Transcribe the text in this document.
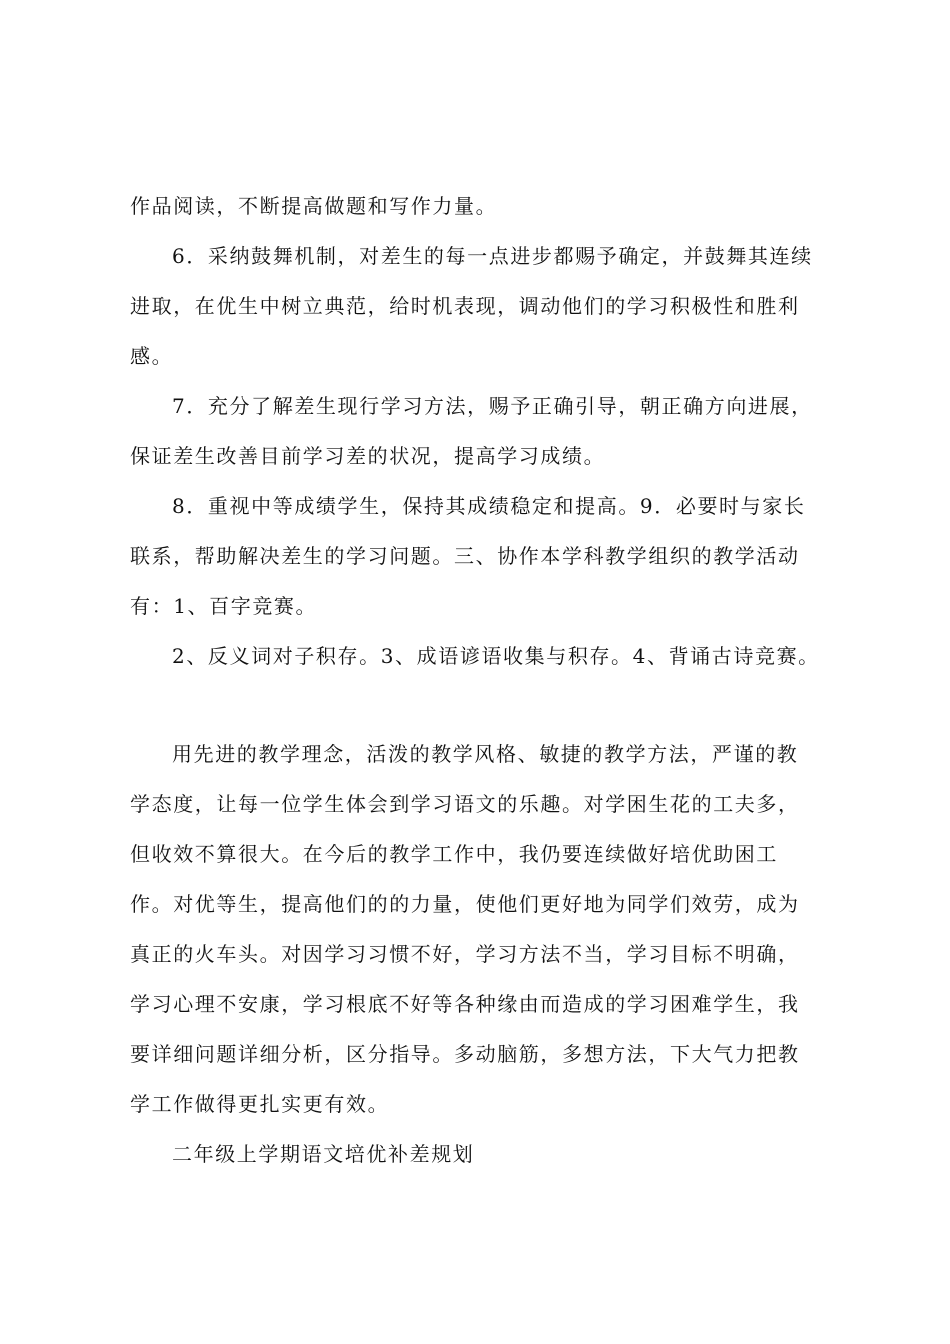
作品阅读，不断提高做题和写作力量。
6．采纳鼓舞机制，对差生的每一点进步都赐予确定，并鼓舞其连续
进取，在优生中树立典范，给时机表现，调动他们的学习积极性和胜利
感。
7．充分了解差生现行学习方法，赐予正确引导，朝正确方向进展，
保证差生改善目前学习差的状况，提高学习成绩。
8．重视中等成绩学生，保持其成绩稳定和提高。9．必要时与家长
联系，帮助解决差生的学习问题。三、协作本学科教学组织的教学活动
有：1、百字竞赛。
2、反义词对子积存。3、成语谚语收集与积存。4、背诵古诗竞赛。
用先进的教学理念，活泼的教学风格、敏捷的教学方法，严谨的教
学态度，让每一位学生体会到学习语文的乐趣。对学困生花的工夫多，
但收效不算很大。在今后的教学工作中，我仍要连续做好培优助困工
作。对优等生，提高他们的的力量，使他们更好地为同学们效劳，成为
真正的火车头。对因学习习惯不好，学习方法不当，学习目标不明确，
学习心理不安康，学习根底不好等各种缘由而造成的学习困难学生，我
要详细问题详细分析，区分指导。多动脑筋，多想方法，下大气力把教
学工作做得更扎实更有效。
二年级上学期语文培优补差规划
